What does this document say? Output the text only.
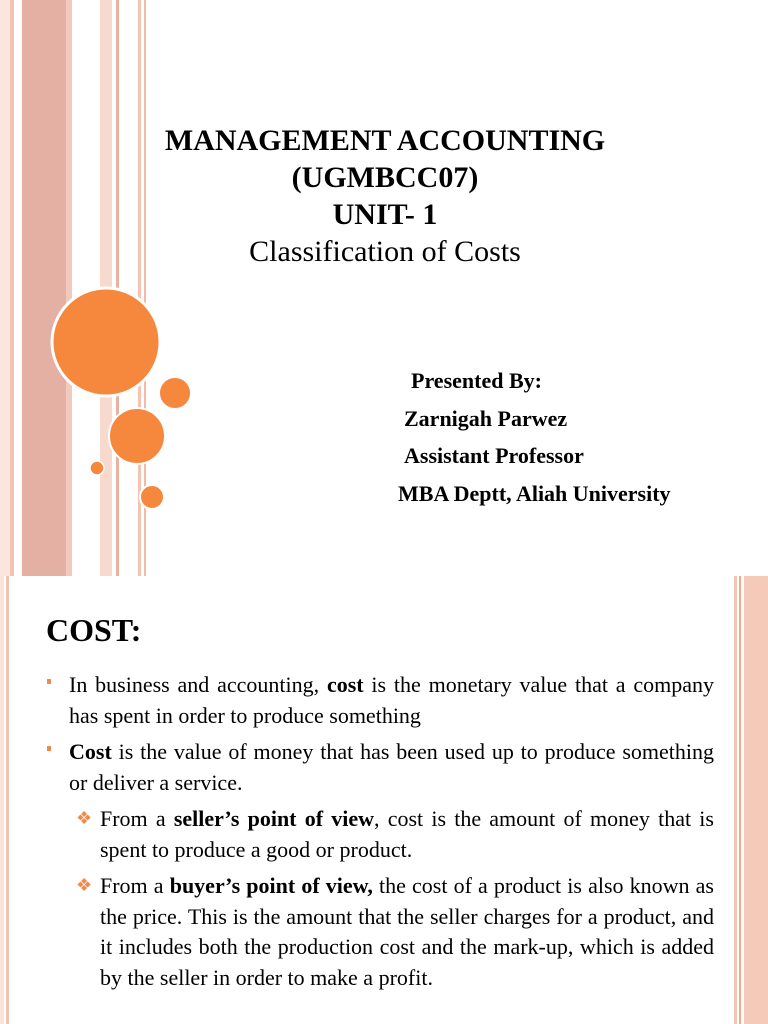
MANAGEMENT ACCOUNTING
(UGMBCC07)
UNIT- 1
Classification of Costs
Presented By:
Zarnigah Parwez
Assistant Professor
MBA Deptt, Aliah University
COST:
In business and accounting, cost is the monetary value that a company has spent in order to produce something
Cost is the value of money that has been used up to produce something or deliver a service.
❖ From a seller’s point of view, cost is the amount of money that is spent to produce a good or product.
❖ From a buyer’s point of view, the cost of a product is also known as the price. This is the amount that the seller charges for a product, and it includes both the production cost and the mark-up, which is added by the seller in order to make a profit.
